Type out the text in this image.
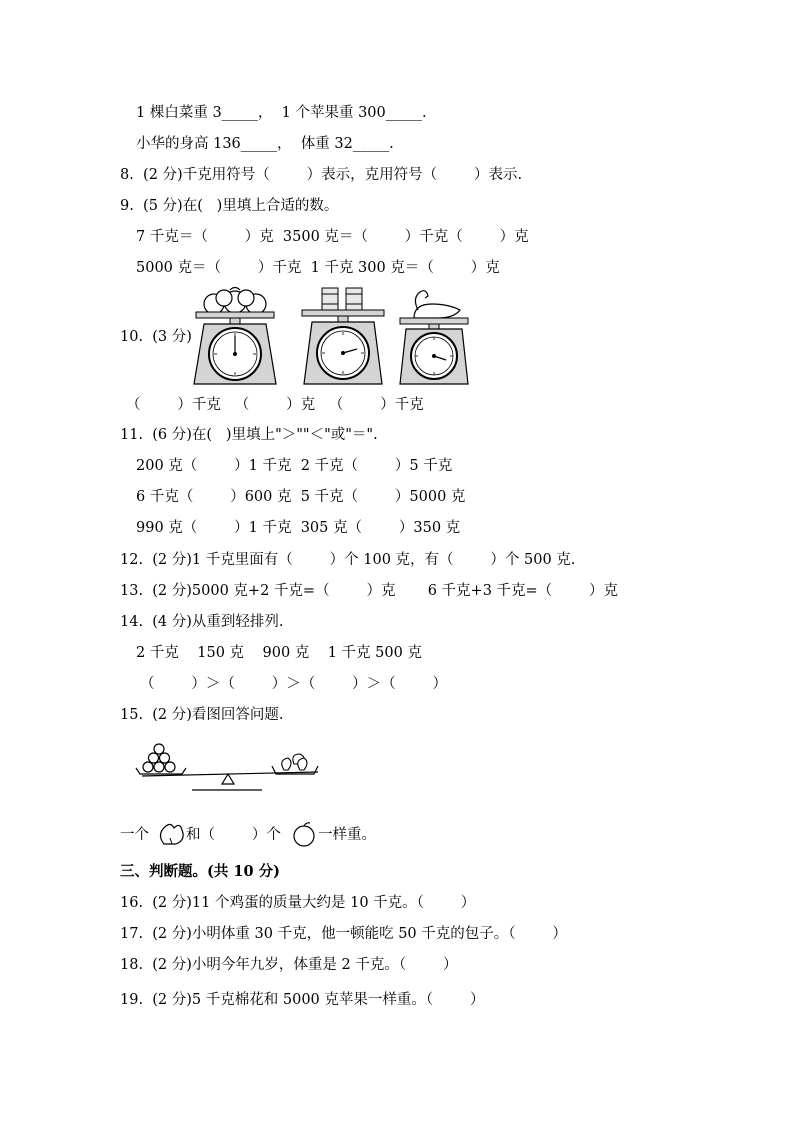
1 棵白菜重 3_____，  1 个苹果重 300_____.
小华的身高 136_____，  体重 32_____.
8.  (2 分)千克用符号（        ）表示，克用符号（        ）表示.
9.  (5 分)在(   )里填上合适的数。
7 千克＝（        ）克  3500 克＝（        ）千克（        ）克
5000 克＝（        ）千克  1 千克 300 克＝（        ）克
10.  (3 分)
（        ）千克   （        ）克   （        ）千克
11.  (6 分)在(   )里填上"＞""＜"或"＝".
200 克（        ）1 千克  2 千克（        ）5 千克
6 千克（        ）600 克  5 千克（        ）5000 克
990 克（        ）1 千克  305 克（        ）350 克
12.  (2 分)1 千克里面有（        ）个 100 克，有（        ）个 500 克.
13.  (2 分)5000 克+2 千克=（        ）克       6 千克+3 千克=（        ）克
14.  (4 分)从重到轻排列.
2 千克    150 克    900 克    1 千克 500 克
（        ）＞（        ）＞（        ）＞（        ）
15.  (2 分)看图回答问题.
一个	和（        ）个	一样重。
三、判断题。(共 10 分)
16.  (2 分)11 个鸡蛋的质量大约是 10 千克。（        ）
17.  (2 分)小明体重 30 千克，他一顿能吃 50 千克的包子。（        ）
18.  (2 分)小明今年九岁，体重是 2 千克。（        ）
19.  (2 分)5 千克棉花和 5000 克苹果一样重。（        ）
